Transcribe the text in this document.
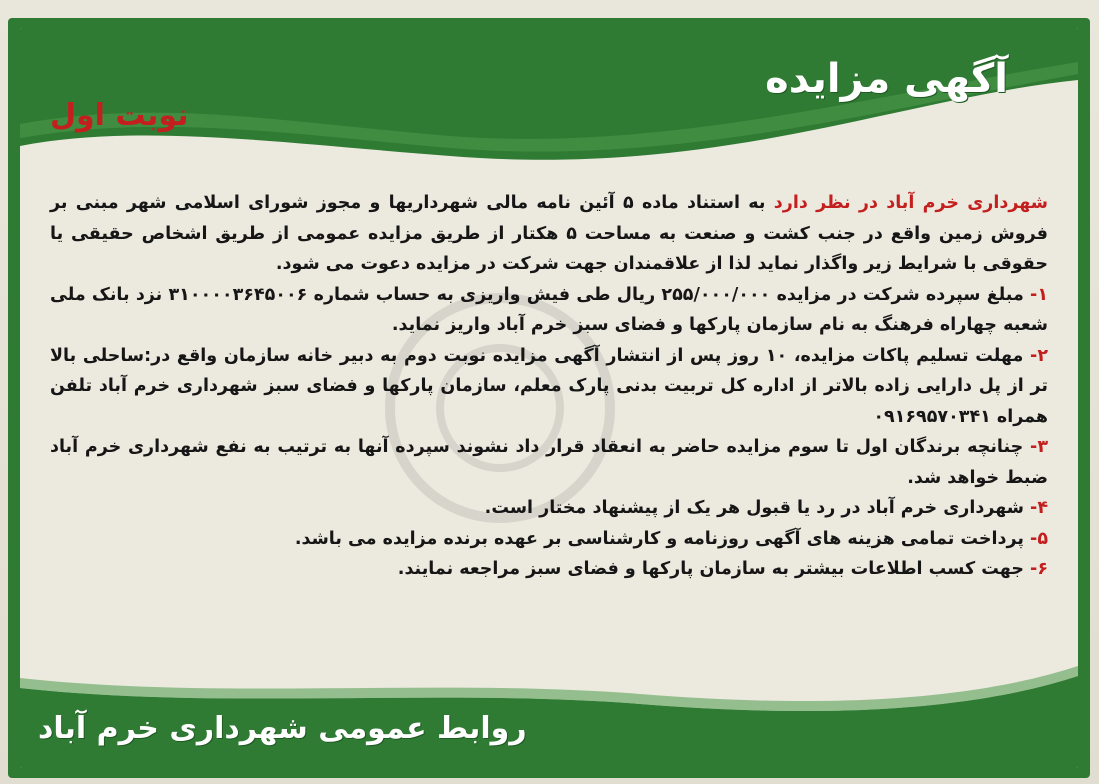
آگهی مزایده
نوبت اول

شهرداری خرم آباد در نظر دارد به استناد ماده ۵ آئین نامه مالی شهرداریها و مجوز شورای اسلامی شهر مبنی بر فروش زمین واقع در جنب کشت و صنعت به مساحت ۵ هکتار از طریق مزایده عمومی از طریق اشخاص حقیقی یا حقوقی با شرایط زیر واگذار نماید لذا از علاقمندان جهت شرکت در مزایده دعوت می شود.

۱- مبلغ سپرده شرکت در مزایده ۲۵۵/۰۰۰/۰۰۰ ریال طی فیش واریزی به حساب شماره ۳۱۰۰۰۰۳۶۴۵۰۰۶ نزد بانک ملی شعبه چهاراه فرهنگ به نام سازمان پارکها و فضای سبز خرم آباد واریز نماید.

۲- مهلت تسلیم پاکات مزایده، ۱۰ روز پس از انتشار آگهی مزایده نوبت دوم به دبیر خانه سازمان واقع در:ساحلی بالا تر از پل دارایی زاده بالاتر از اداره کل تربیت بدنی پارک معلم، سازمان پارکها و فضای سبز شهرداری خرم آباد تلفن همراه ۰۹۱۶۹۵۷۰۳۴۱

۳- چنانچه برندگان اول تا سوم مزایده حاضر به انعقاد قرار داد نشوند سپرده آنها به ترتیب به نفع شهرداری خرم آباد ضبط خواهد شد.

۴- شهرداری خرم آباد در رد یا قبول هر یک از پیشنهاد مختار است.

۵- پرداخت تمامی هزینه های آگهی روزنامه و کارشناسی بر عهده برنده مزایده می باشد.

۶- جهت کسب اطلاعات بیشتر به سازمان پارکها و فضای سبز مراجعه نمایند.

روابط عمومی شهرداری خرم آباد
